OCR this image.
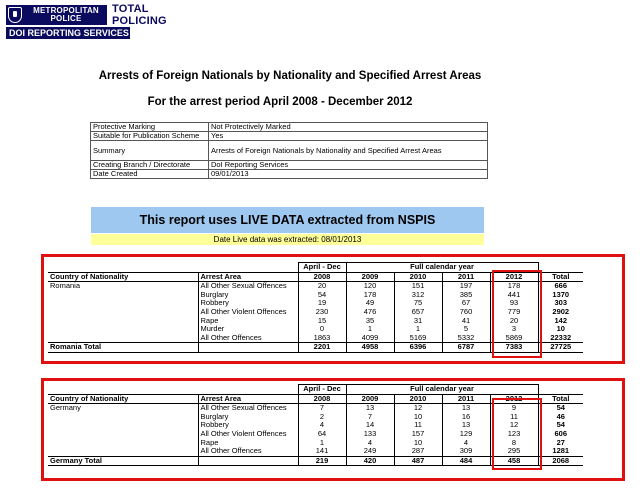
METROPOLITAN
POLICE
TOTAL POLICING
DOI REPORTING SERVICES
Arrests of Foreign Nationals by Nationality and Specified Arrest Areas
For the arrest period April 2008 - December 2012
Protective Marking	Not Protectively Marked
Suitable for Publication Scheme	Yes
Summary	Arrests of Foreign Nationals by Nationality and Specified Arrest Areas
Creating Branch / Directorate	DoI Reporting Services
Date Created	09/01/2013
This report uses LIVE DATA extracted from NSPIS
Date Live data was extracted: 08/01/2013
		April - Dec	Full calendar year				
Country of Nationality	Arrest Area	2008	2009	2010	2011	2012	Total
Romania	All Other Sexual Offences	20	120	151	197	178	666
	Burglary	54	178	312	385	441	1370
	Robbery	19	49	75	67	93	303
	All Other Violent Offences	230	476	657	760	779	2902
	Rape	15	35	31	41	20	142
	Murder	0	1	1	5	3	10
	All Other Offences	1863	4099	5169	5332	5869	22332
Romania Total		2201	4958	6396	6787	7383	27725
		April - Dec	Full calendar year				
Country of Nationality	Arrest Area	2008	2009	2010	2011	2012	Total
Germany	All Other Sexual Offences	7	13	12	13	9	54
	Burglary	2	7	10	16	11	46
	Robbery	4	14	11	13	12	54
	All Other Violent Offences	64	133	157	129	123	606
	Rape	1	4	10	4	8	27
	All Other Offences	141	249	287	309	295	1281
Germany Total		219	420	487	484	458	2068
